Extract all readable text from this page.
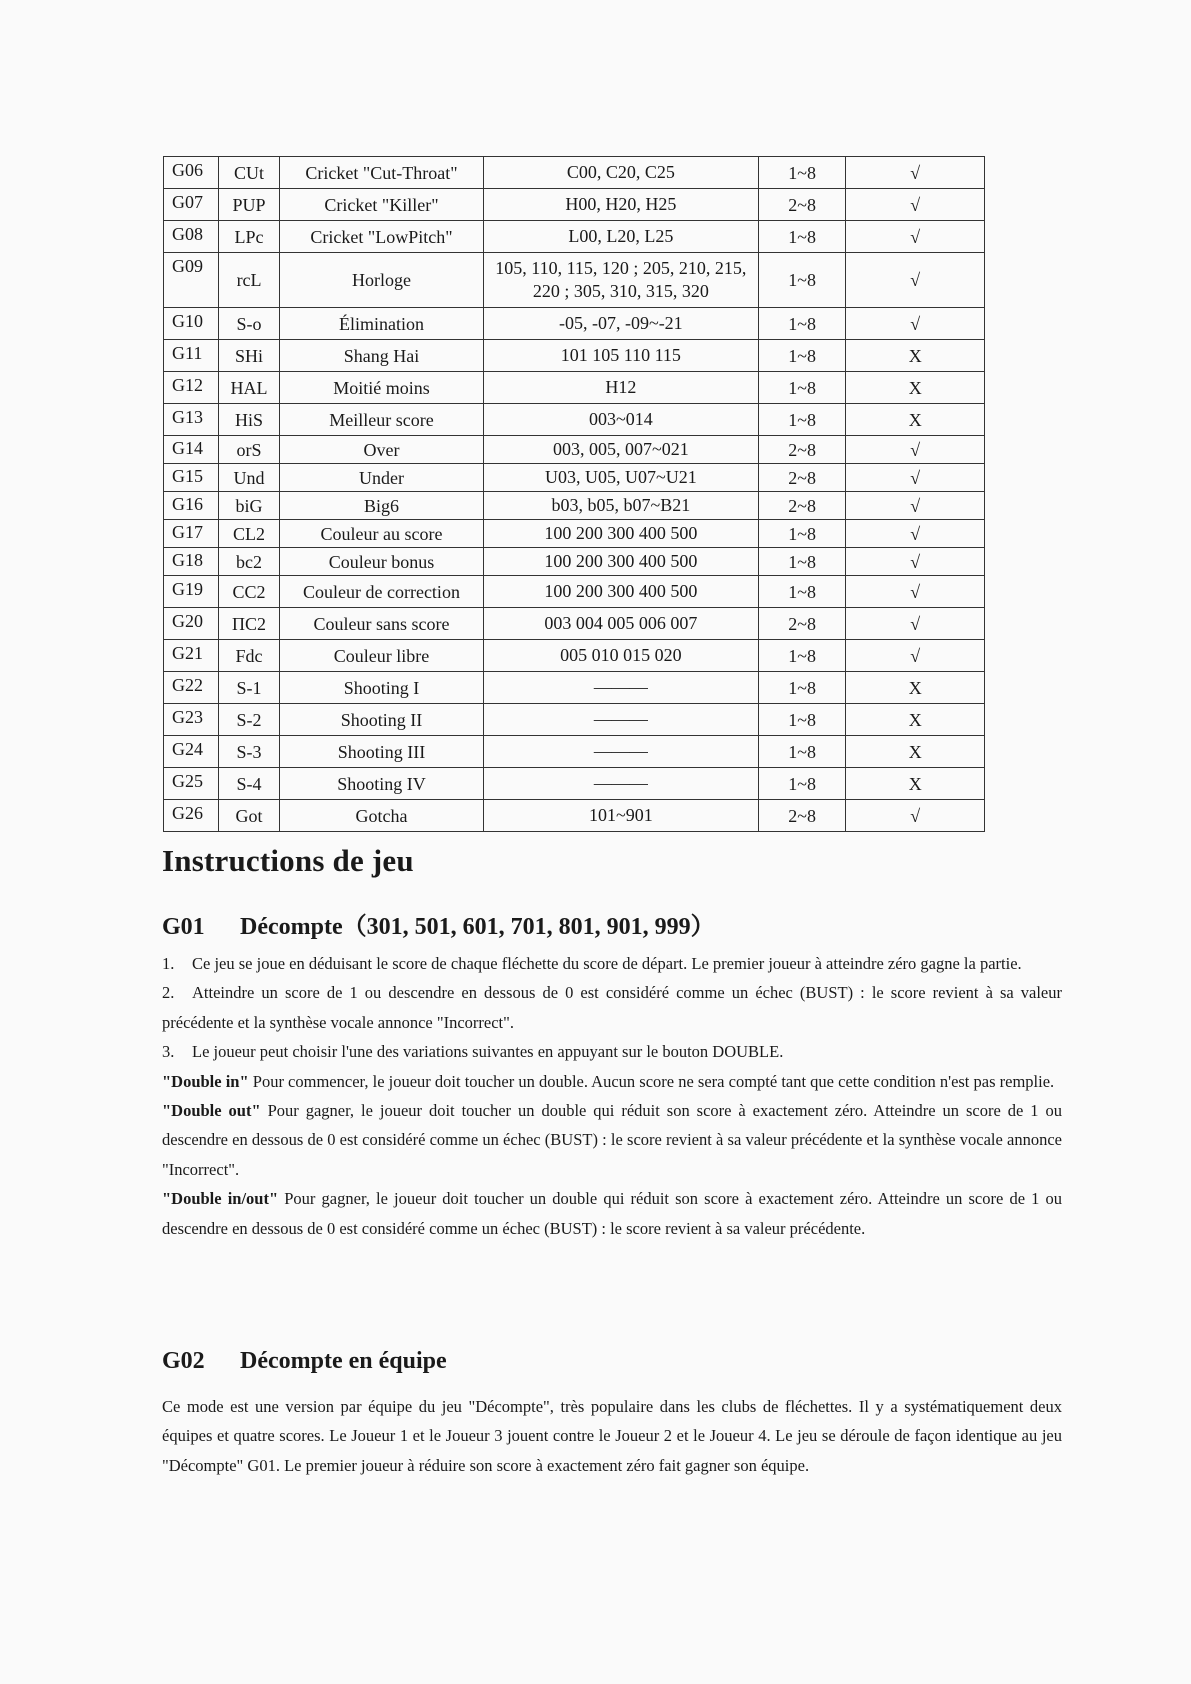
G06	CUt	Cricket "Cut-Throat"	C00, C20, C25	1~8	√
G07	PUP	Cricket "Killer"	H00, H20, H25	2~8	√
G08	LPc	Cricket "LowPitch"	L00, L20, L25	1~8	√
G09	rcL	Horloge	105, 110, 115, 120 ; 205, 210, 215, 220 ; 305, 310, 315, 320	1~8	√
G10	S-o	Élimination	-05, -07, -09~-21	1~8	√
G11	SHi	Shang Hai	101 105 110 115	1~8	X
G12	HAL	Moitié moins	H12	1~8	X
G13	HiS	Meilleur score	003~014	1~8	X
G14	orS	Over	003, 005, 007~021	2~8	√
G15	Und	Under	U03, U05, U07~U21	2~8	√
G16	biG	Big6	b03, b05, b07~B21	2~8	√
G17	CL2	Couleur au score	100 200 300 400 500	1~8	√
G18	bc2	Couleur bonus	100 200 300 400 500	1~8	√
G19	CC2	Couleur de correction	100 200 300 400 500	1~8	√
G20	ПC2	Couleur sans score	003 004 005 006 007	2~8	√
G21	Fdc	Couleur libre	005 010 015 020	1~8	√
G22	S-1	Shooting I	———	1~8	X
G23	S-2	Shooting II	———	1~8	X
G24	S-3	Shooting III	———	1~8	X
G25	S-4	Shooting IV	———	1~8	X
G26	Got	Gotcha	101~901	2~8	√
Instructions de jeu
G01 Décompte（301, 501, 601, 701, 801, 901, 999）

1. Ce jeu se joue en déduisant le score de chaque fléchette du score de départ. Le premier joueur à atteindre zéro gagne la partie.

2. Atteindre un score de 1 ou descendre en dessous de 0 est considéré comme un échec (BUST) : le score revient à sa valeur précédente et la synthèse vocale annonce "Incorrect".

3. Le joueur peut choisir l'une des variations suivantes en appuyant sur le bouton DOUBLE.

"Double in" Pour commencer, le joueur doit toucher un double. Aucun score ne sera compté tant que cette condition n'est pas remplie.

"Double out" Pour gagner, le joueur doit toucher un double qui réduit son score à exactement zéro. Atteindre un score de 1 ou descendre en dessous de 0 est considéré comme un échec (BUST) : le score revient à sa valeur précédente et la synthèse vocale annonce "Incorrect".

"Double in/out" Pour gagner, le joueur doit toucher un double qui réduit son score à exactement zéro. Atteindre un score de 1 ou descendre en dessous de 0 est considéré comme un échec (BUST) : le score revient à sa valeur précédente.

G02 Décompte en équipe

Ce mode est une version par équipe du jeu "Décompte", très populaire dans les clubs de fléchettes. Il y a systématiquement deux équipes et quatre scores. Le Joueur 1 et le Joueur 3 jouent contre le Joueur 2 et le Joueur 4. Le jeu se déroule de façon identique au jeu "Décompte" G01. Le premier joueur à réduire son score à exactement zéro fait gagner son équipe.
